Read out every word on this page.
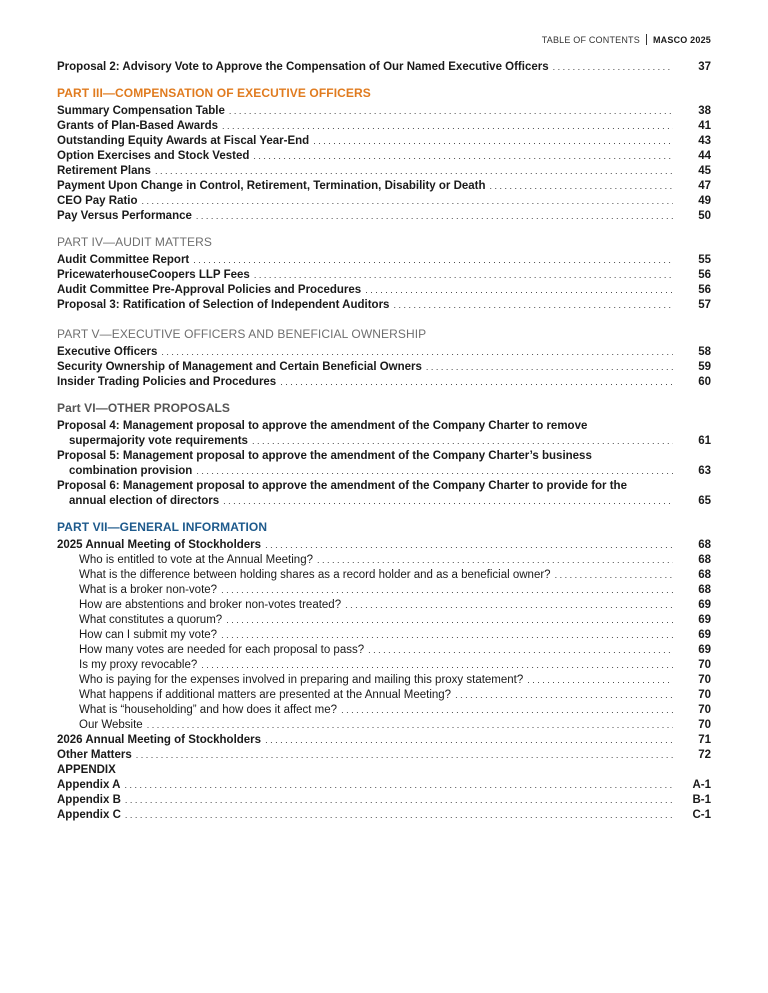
TABLE OF CONTENTS MASCO 2025
Proposal 2: Advisory Vote to Approve the Compensation of Our Named Executive Officers . . .	37
PART III—COMPENSATION OF EXECUTIVE OFFICERS
Summary Compensation Table . . .	38
Grants of Plan-Based Awards . . .	41
Outstanding Equity Awards at Fiscal Year-End . . .	43
Option Exercises and Stock Vested . . .	44
Retirement Plans . . .	45
Payment Upon Change in Control, Retirement, Termination, Disability or Death . . .	47
CEO Pay Ratio . . .	49
Pay Versus Performance . . .	50
PART IV—AUDIT MATTERS
Audit Committee Report . . .	55
PricewaterhouseCoopers LLP Fees . . .	56
Audit Committee Pre-Approval Policies and Procedures . . .	56
Proposal 3: Ratification of Selection of Independent Auditors . . .	57
PART V—EXECUTIVE OFFICERS AND BENEFICIAL OWNERSHIP
Executive Officers . . .	58
Security Ownership of Management and Certain Beneficial Owners . . .	59
Insider Trading Policies and Procedures . . .	60
Part VI—OTHER PROPOSALS
Proposal 4: Management proposal to approve the amendment of the Company Charter to remove
supermajority vote requirements . . .	61
Proposal 5: Management proposal to approve the amendment of the Company Charter’s business
combination provision . . .	63
Proposal 6: Management proposal to approve the amendment of the Company Charter to provide for the
annual election of directors . . .	65
PART VII—GENERAL INFORMATION
2025 Annual Meeting of Stockholders . . .	68
Who is entitled to vote at the Annual Meeting? . . .	68
What is the difference between holding shares as a record holder and as a beneficial owner? . . .	68
What is a broker non-vote? . . .	68
How are abstentions and broker non-votes treated? . . .	69
What constitutes a quorum? . . .	69
How can I submit my vote? . . .	69
How many votes are needed for each proposal to pass? . . .	69
Is my proxy revocable? . . .	70
Who is paying for the expenses involved in preparing and mailing this proxy statement? . . .	70
What happens if additional matters are presented at the Annual Meeting? . . .	70
What is “householding” and how does it affect me? . . .	70
Our Website . . .	70
2026 Annual Meeting of Stockholders . . .	71
Other Matters . . .	72
APPENDIX
Appendix A . . .	A-1
Appendix B . . .	B-1
Appendix C . . .	C-1
